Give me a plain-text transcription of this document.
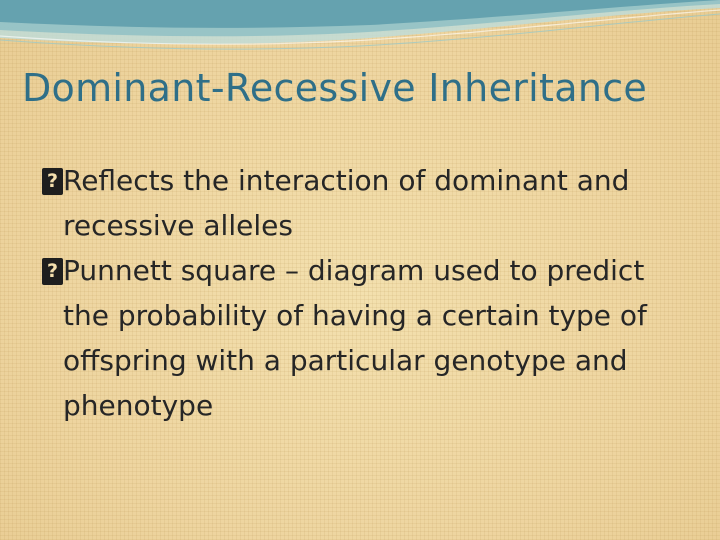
Dominant-Recessive Inheritance
?
Reflects the interaction of dominant and recessive alleles
?
Punnett square – diagram used to predict the probability of having a certain type of offspring with a particular genotype and phenotype
